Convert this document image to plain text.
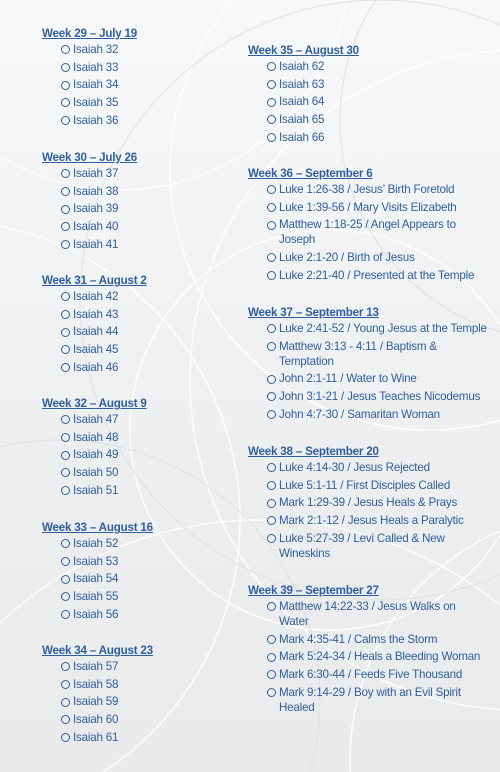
Week 29 – July 19
Isaiah 32
Isaiah 33
Isaiah 34
Isaiah 35
Isaiah 36
Week 30 – July 26
Isaiah 37
Isaiah 38
Isaiah 39
Isaiah 40
Isaiah 41
Week 31 – August 2
Isaiah 42
Isaiah 43
Isaiah 44
Isaiah 45
Isaiah 46
Week 32 – August 9
Isaiah 47
Isaiah 48
Isaiah 49
Isaiah 50
Isaiah 51
Week 33 – August 16
Isaiah 52
Isaiah 53
Isaiah 54
Isaiah 55
Isaiah 56
Week 34 – August 23
Isaiah 57
Isaiah 58
Isaiah 59
Isaiah 60
Isaiah 61
Week 35 – August 30
Isaiah 62
Isaiah 63
Isaiah 64
Isaiah 65
Isaiah 66
Week 36 – September 6
Luke 1:26-38 / Jesus’ Birth Foretold
Luke 1:39-56 / Mary Visits Elizabeth
Matthew 1:18-25 / Angel Appears to Joseph
Luke 2:1-20 / Birth of Jesus
Luke 2:21-40 / Presented at the Temple
Week 37 – September 13
Luke 2:41-52 / Young Jesus at the Temple
Matthew 3:13 - 4:11 / Baptism & Temptation
John 2:1-11 / Water to Wine
John 3:1-21 / Jesus Teaches Nicodemus
John 4:7-30 / Samaritan Woman
Week 38 – September 20
Luke 4:14-30 / Jesus Rejected
Luke 5:1-11 / First Disciples Called
Mark 1:29-39 / Jesus Heals & Prays
Mark 2:1-12 / Jesus Heals a Paralytic
Luke 5:27-39 / Levi Called & New Wineskins
Week 39 – September 27
Matthew 14:22-33 / Jesus Walks on Water
Mark 4:35-41 / Calms the Storm
Mark 5:24-34 / Heals a Bleeding Woman
Mark 6:30-44 / Feeds Five Thousand
Mark 9:14-29 / Boy with an Evil Spirit Healed
